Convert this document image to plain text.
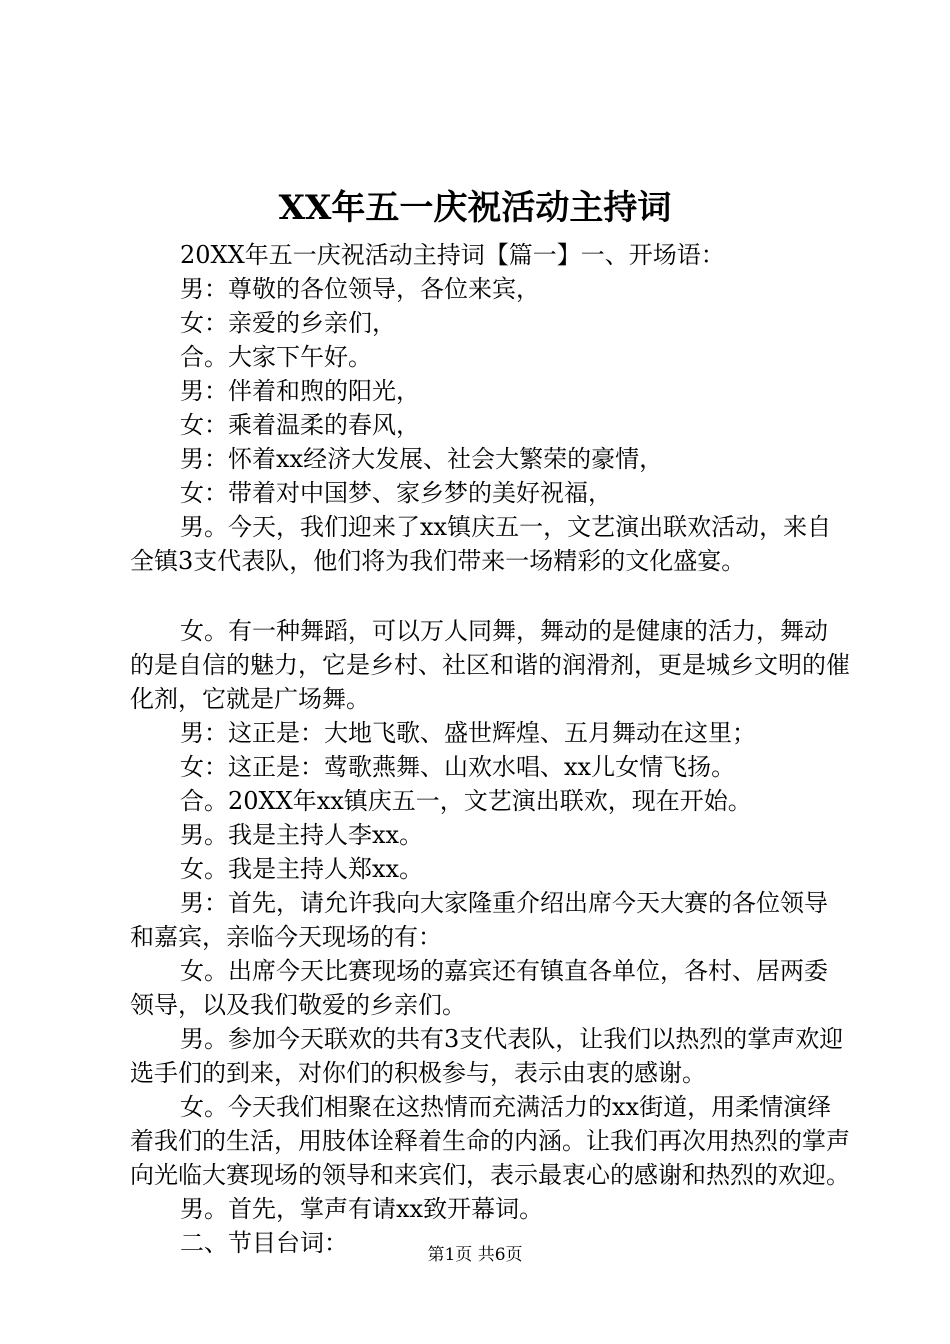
XX年五一庆祝活动主持词

20XX年五一庆祝活动主持词【篇一】一、开场语：

男：尊敬的各位领导，各位来宾，

女：亲爱的乡亲们，

合。大家下午好。

男：伴着和煦的阳光，

女：乘着温柔的春风，

男：怀着xx经济大发展、社会大繁荣的豪情，

女：带着对中国梦、家乡梦的美好祝福，

男。今天，我们迎来了xx镇庆五一，文艺演出联欢活动，来自全镇3支代表队，他们将为我们带来一场精彩的文化盛宴。

女。有一种舞蹈，可以万人同舞，舞动的是健康的活力，舞动的是自信的魅力，它是乡村、社区和谐的润滑剂，更是城乡文明的催化剂，它就是广场舞。

男：这正是：大地飞歌、盛世辉煌、五月舞动在这里；

女：这正是：莺歌燕舞、山欢水唱、xx儿女情飞扬。

合。20XX年xx镇庆五一，文艺演出联欢，现在开始。

男。我是主持人李xx。

女。我是主持人郑xx。

男：首先，请允许我向大家隆重介绍出席今天大赛的各位领导和嘉宾，亲临今天现场的有：

女。出席今天比赛现场的嘉宾还有镇直各单位，各村、居两委领导，以及我们敬爱的乡亲们。

男。参加今天联欢的共有3支代表队，让我们以热烈的掌声欢迎选手们的到来，对你们的积极参与，表示由衷的感谢。

女。今天我们相聚在这热情而充满活力的xx街道，用柔情演绎着我们的生活，用肢体诠释着生命的内涵。让我们再次用热烈的掌声向光临大赛现场的领导和来宾们，表示最衷心的感谢和热烈的欢迎。

男。首先，掌声有请xx致开幕词。

二、节目台词：	第1页 共6页
